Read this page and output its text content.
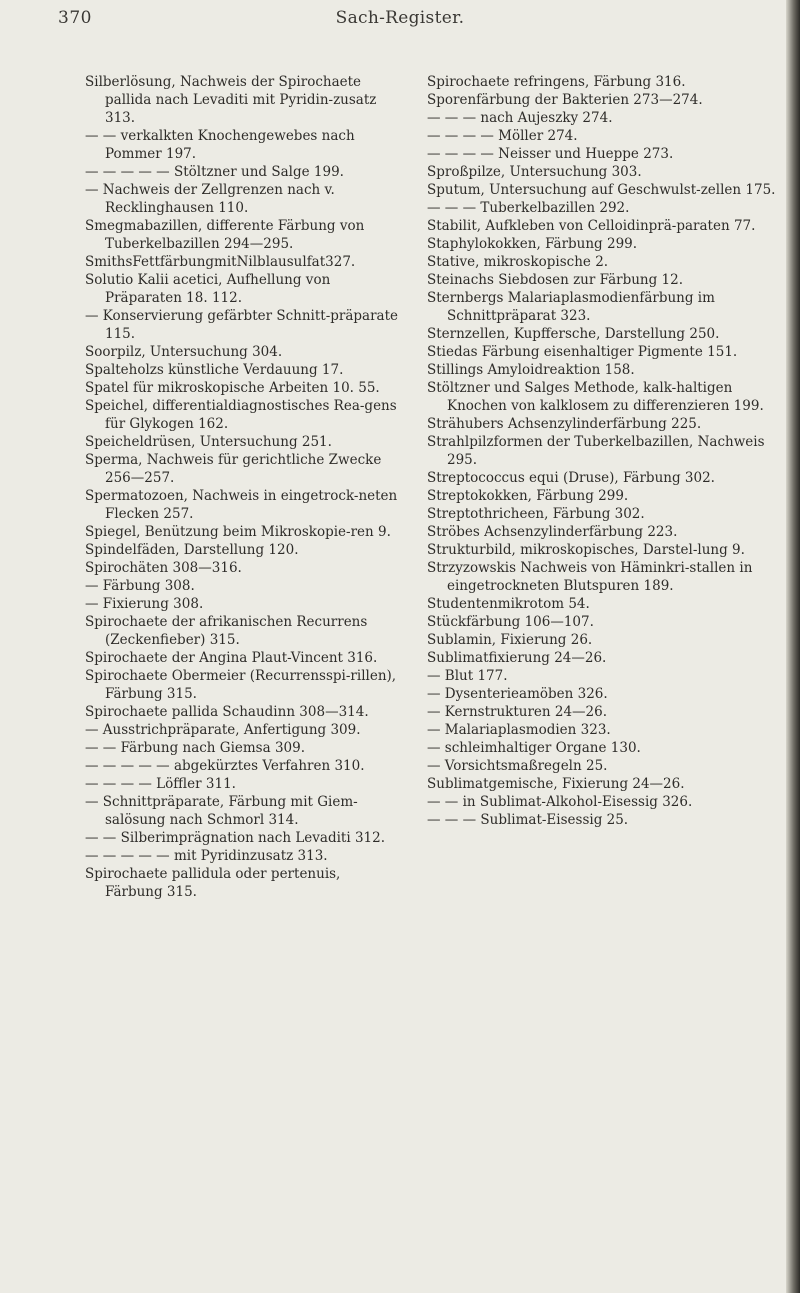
370	Sach-Register.

Silberlösung, Nachweis der Spirochaete pallida nach Levaditi mit Pyridin-zusatz 313.

— — verkalkten Knochengewebes nach Pommer 197.

— — — — — Stöltzner und Salge 199.

— Nachweis der Zellgrenzen nach v. Recklinghausen 110.

Smegmabazillen, differente Färbung von Tuberkelbazillen 294—295.

SmithsFettfärbungmitNilblausulfat327.

Solutio Kalii acetici, Aufhellung von Präparaten 18. 112.

— Konservierung gefärbter Schnitt-präparate 115.

Soorpilz, Untersuchung 304.

Spalteholzs künstliche Verdauung 17.

Spatel für mikroskopische Arbeiten 10. 55.

Speichel, differentialdiagnostisches Rea-gens für Glykogen 162.

Speicheldrüsen, Untersuchung 251.

Sperma, Nachweis für gerichtliche Zwecke 256—257.

Spermatozoen, Nachweis in eingetrock-neten Flecken 257.

Spiegel, Benützung beim Mikroskopie-ren 9.

Spindelfäden, Darstellung 120.

Spirochäten 308—316.

— Färbung 308.

— Fixierung 308.

Spirochaete der afrikanischen Recurrens (Zeckenfieber) 315.

Spirochaete der Angina Plaut-Vincent 316.

Spirochaete Obermeier (Recurrensspi-rillen), Färbung 315.

Spirochaete pallida Schaudinn 308—314.

— Ausstrichpräparate, Anfertigung 309.

— — Färbung nach Giemsa 309.

— — — — — abgekürztes Verfahren 310.

— — — — Löffler 311.

— Schnittpräparate, Färbung mit Giem-salösung nach Schmorl 314.

— — Silberimprägnation nach Levaditi 312.

— — — — — mit Pyridinzusatz 313.

Spirochaete pallidula oder pertenuis, Färbung 315.

Spirochaete refringens, Färbung 316.

Sporenfärbung der Bakterien 273—274.

— — — nach Aujeszky 274.

— — — — Möller 274.

— — — — Neisser und Hueppe 273.

Sproßpilze, Untersuchung 303.

Sputum, Untersuchung auf Geschwulst-zellen 175.

— — — Tuberkelbazillen 292.

Stabilit, Aufkleben von Celloidinprä-paraten 77.

Staphylokokken, Färbung 299.

Stative, mikroskopische 2.

Steinachs Siebdosen zur Färbung 12.

Sternbergs Malariaplasmodienfärbung im Schnittpräparat 323.

Sternzellen, Kupffersche, Darstellung 250.

Stiedas Färbung eisenhaltiger Pigmente 151.

Stillings Amyloidreaktion 158.

Stöltzner und Salges Methode, kalk-haltigen Knochen von kalklosem zu differenzieren 199.

Strähubers Achsenzylinderfärbung 225.

Strahlpilzformen der Tuberkelbazillen, Nachweis 295.

Streptococcus equi (Druse), Färbung 302.

Streptokokken, Färbung 299.

Streptothricheen, Färbung 302.

Ströbes Achsenzylinderfärbung 223.

Strukturbild, mikroskopisches, Darstel-lung 9.

Strzyzowskis Nachweis von Häminkri-stallen in eingetrockneten Blutspuren 189.

Studentenmikrotom 54.

Stückfärbung 106—107.

Sublamin, Fixierung 26.

Sublimatfixierung 24—26.

— Blut 177.

— Dysenterieamöben 326.

— Kernstrukturen 24—26.

— Malariaplasmodien 323.

— schleimhaltiger Organe 130.

— Vorsichtsmaßregeln 25.

Sublimatgemische, Fixierung 24—26.

— — in Sublimat-Alkohol-Eisessig 326.

— — — Sublimat-Eisessig 25.
